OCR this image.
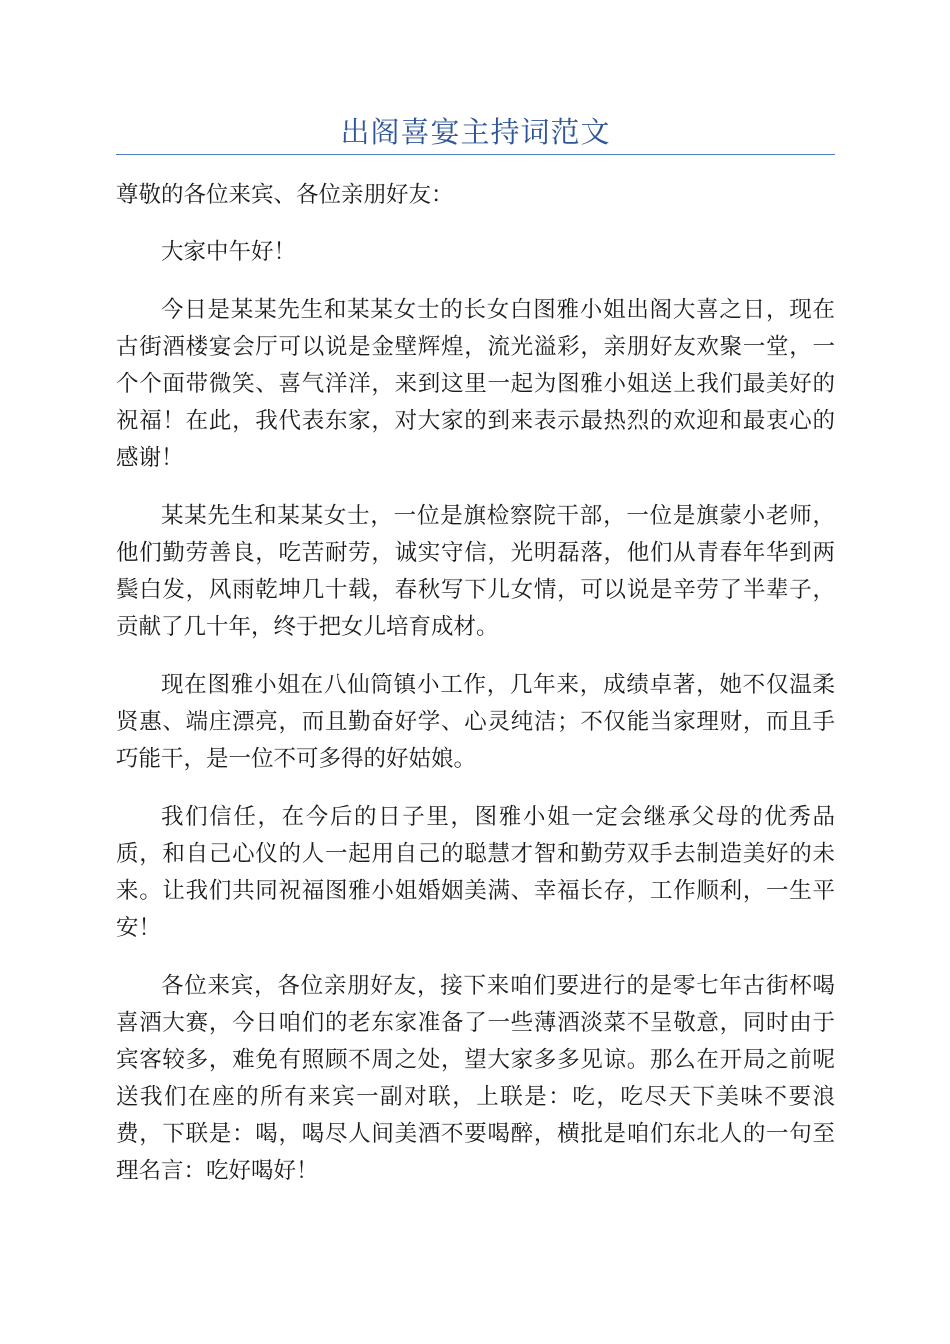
出阁喜宴主持词范文

尊敬的各位来宾、各位亲朋好友：

大家中午好！

今日是某某先生和某某女士的长女白图雅小姐出阁大喜之日，现在古街酒楼宴会厅可以说是金壁辉煌，流光溢彩，亲朋好友欢聚一堂，一个个面带微笑、喜气洋洋，来到这里一起为图雅小姐送上我们最美好的祝福！在此，我代表东家，对大家的到来表示最热烈的欢迎和最衷心的感谢！

某某先生和某某女士，一位是旗检察院干部，一位是旗蒙小老师，他们勤劳善良，吃苦耐劳，诚实守信，光明磊落，他们从青春年华到两鬓白发，风雨乾坤几十载，春秋写下儿女情，可以说是辛劳了半辈子，贡献了几十年，终于把女儿培育成材。

现在图雅小姐在八仙筒镇小工作，几年来，成绩卓著，她不仅温柔贤惠、端庄漂亮，而且勤奋好学、心灵纯洁；不仅能当家理财，而且手巧能干，是一位不可多得的好姑娘。

我们信任，在今后的日子里，图雅小姐一定会继承父母的优秀品质，和自己心仪的人一起用自己的聪慧才智和勤劳双手去制造美好的未来。让我们共同祝福图雅小姐婚姻美满、幸福长存，工作顺利，一生平安！

各位来宾，各位亲朋好友，接下来咱们要进行的是零七年古街杯喝喜酒大赛，今日咱们的老东家准备了一些薄酒淡菜不呈敬意，同时由于宾客较多，难免有照顾不周之处，望大家多多见谅。那么在开局之前呢送我们在座的所有来宾一副对联，上联是：吃，吃尽天下美味不要浪费，下联是：喝，喝尽人间美酒不要喝醉，横批是咱们东北人的一句至理名言：吃好喝好！
